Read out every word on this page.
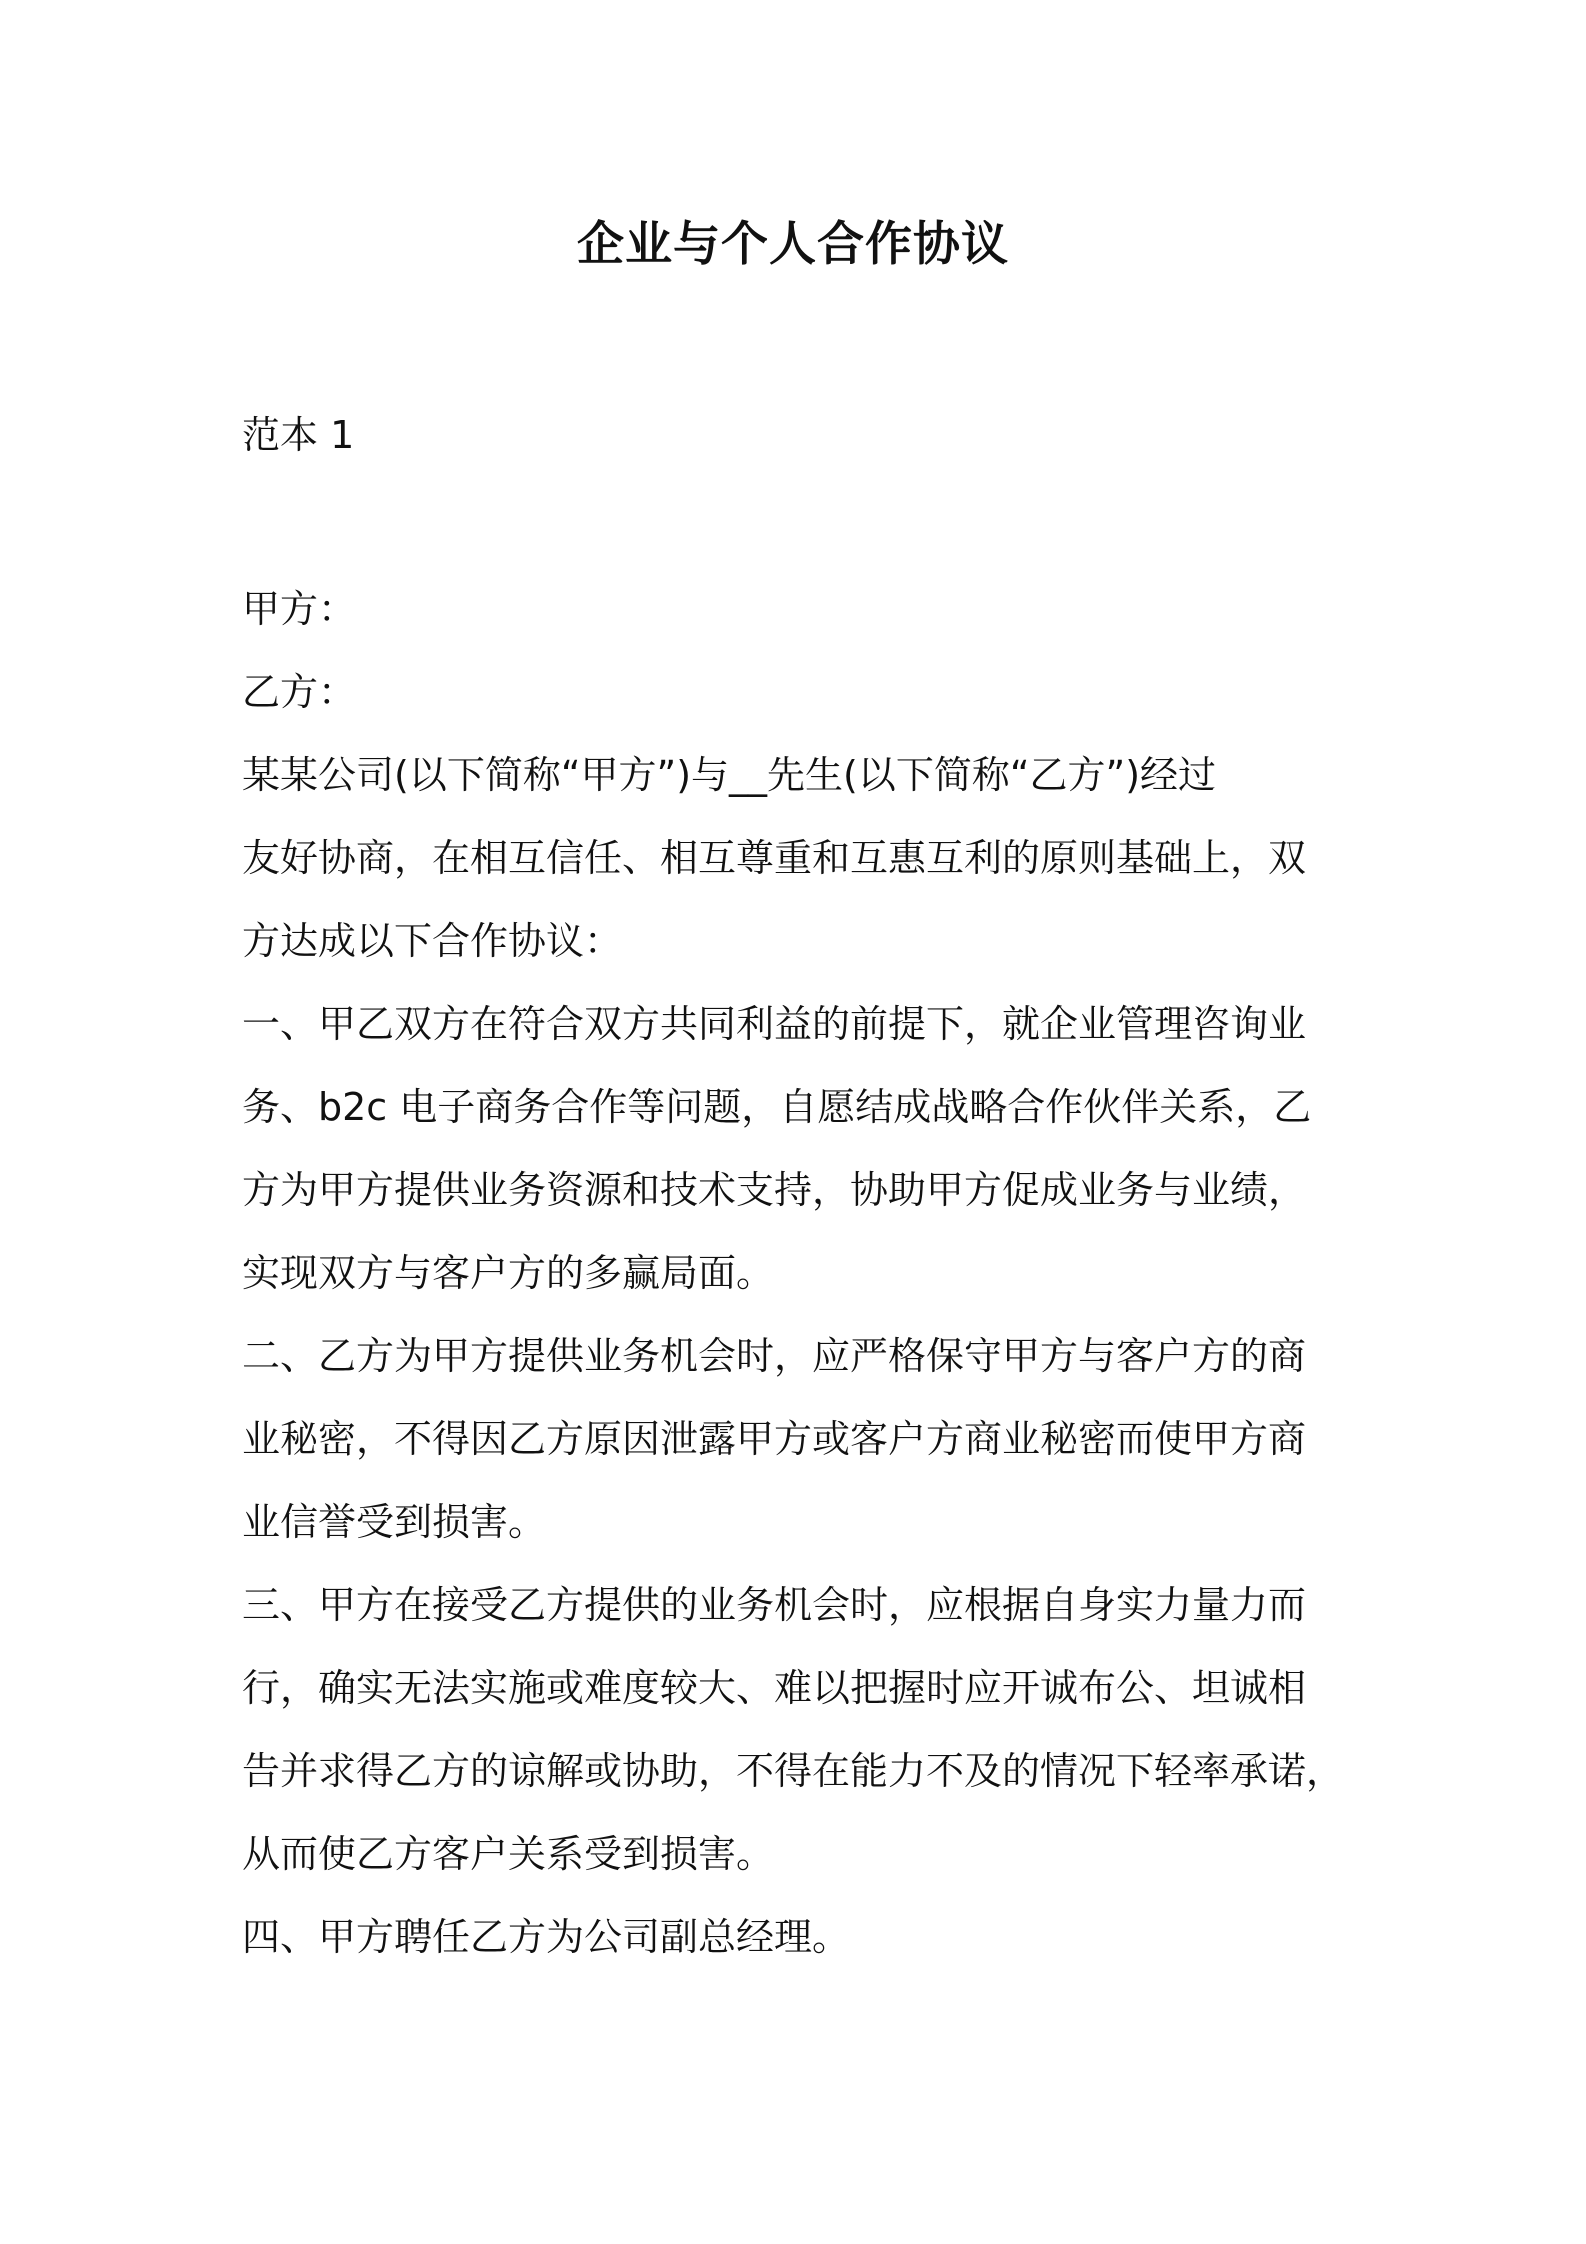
企业与个人合作协议
范本 1
甲方：
乙方：
某某公司(以下简称“甲方”)与__先生(以下简称“乙方”)经过
友好协商，在相互信任、相互尊重和互惠互利的原则基础上，双
方达成以下合作协议：
一、甲乙双方在符合双方共同利益的前提下，就企业管理咨询业
务、b2c 电子商务合作等问题，自愿结成战略合作伙伴关系，乙
方为甲方提供业务资源和技术支持，协助甲方促成业务与业绩，
实现双方与客户方的多赢局面。
二、乙方为甲方提供业务机会时，应严格保守甲方与客户方的商
业秘密，不得因乙方原因泄露甲方或客户方商业秘密而使甲方商
业信誉受到损害。
三、甲方在接受乙方提供的业务机会时，应根据自身实力量力而
行，确实无法实施或难度较大、难以把握时应开诚布公、坦诚相
告并求得乙方的谅解或协助，不得在能力不及的情况下轻率承诺，
从而使乙方客户关系受到损害。
四、甲方聘任乙方为公司副总经理。
